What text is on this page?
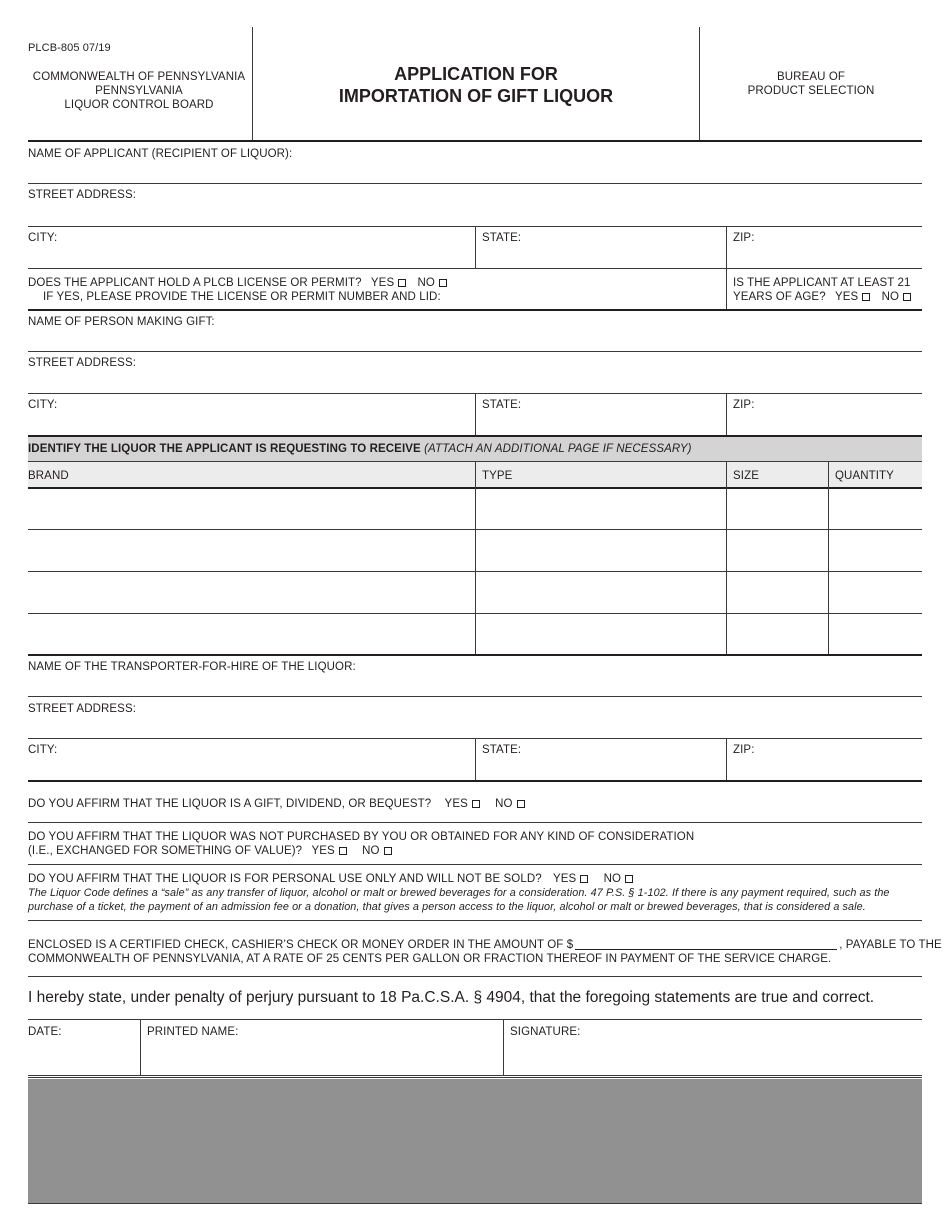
PLCB-805 07/19
COMMONWEALTH OF PENNSYLVANIA
PENNSYLVANIA
LIQUOR CONTROL BOARD
APPLICATION FOR
IMPORTATION OF GIFT LIQUOR
BUREAU OF
PRODUCT SELECTION
NAME OF APPLICANT (RECIPIENT OF LIQUOR):
STREET ADDRESS:
CITY:	STATE:	ZIP:
DOES THE APPLICANT HOLD A PLCB LICENSE OR PERMIT? YES NO
IF YES, PLEASE PROVIDE THE LICENSE OR PERMIT NUMBER AND LID:
IS THE APPLICANT AT LEAST 21
YEARS OF AGE? YES NO
NAME OF PERSON MAKING GIFT:
STREET ADDRESS:
CITY:	STATE:	ZIP:
IDENTIFY THE LIQUOR THE APPLICANT IS REQUESTING TO RECEIVE (ATTACH AN ADDITIONAL PAGE IF NECESSARY)
BRAND	TYPE	SIZE	QUANTITY
NAME OF THE TRANSPORTER-FOR-HIRE OF THE LIQUOR:
STREET ADDRESS:
CITY:	STATE:	ZIP:
DO YOU AFFIRM THAT THE LIQUOR IS A GIFT, DIVIDEND, OR BEQUEST? YES NO
DO YOU AFFIRM THAT THE LIQUOR WAS NOT PURCHASED BY YOU OR OBTAINED FOR ANY KIND OF CONSIDERATION
(I.E., EXCHANGED FOR SOMETHING OF VALUE)? YES NO
DO YOU AFFIRM THAT THE LIQUOR IS FOR PERSONAL USE ONLY AND WILL NOT BE SOLD? YES NO
The Liquor Code defines a “sale” as any transfer of liquor, alcohol or malt or brewed beverages for a consideration. 47 P.S. § 1-102. If there is any payment required, such as the
purchase of a ticket, the payment of an admission fee or a donation, that gives a person access to the liquor, alcohol or malt or brewed beverages, that is considered a sale.
ENCLOSED IS A CERTIFIED CHECK, CASHIER’S CHECK OR MONEY ORDER IN THE AMOUNT OF $	, PAYABLE TO THE
COMMONWEALTH OF PENNSYLVANIA, AT A RATE OF 25 CENTS PER GALLON OR FRACTION THEREOF IN PAYMENT OF THE SERVICE CHARGE.
I hereby state, under penalty of perjury pursuant to 18 Pa.C.S.A. § 4904, that the foregoing statements are true and correct.
DATE:	PRINTED NAME:	SIGNATURE:
